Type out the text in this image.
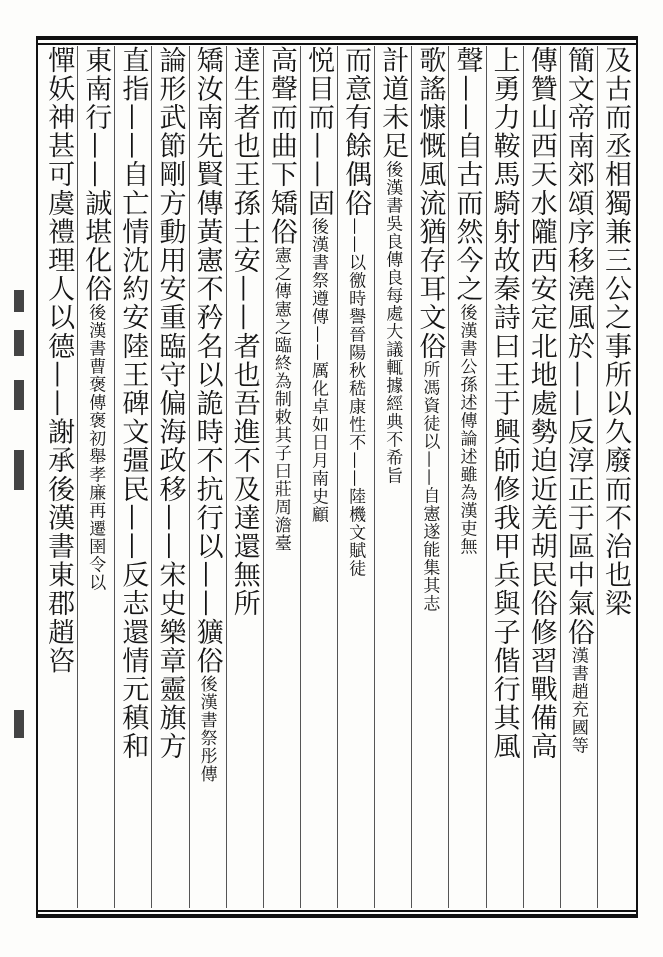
及古而丞相獨兼三公之事所以久廢而不治也梁
簡文帝南郊頌序移澆風於——反淳正于區中氣俗漢書趙充國等
傳贊山西天水隴西安定北地處勢迫近羌胡民俗修習戰備高
上勇力鞍馬騎射故秦詩曰王于興師修我甲兵與子偕行其風
聲——自古而然今之後漢書公孫述傳論述雖為漢吏無
歌謠慷慨風流猶存耳文俗所馮資徒以——自憲遂能集其志
計道未足後漢書吳良傳良每處大議輒據經典不希旨
而意有餘偶俗——以徼時譽晉陽秋嵇康性不——陸機文賦徒
悦目而——固後漢書祭遵傳——厲化卓如日月南史顧
高聲而曲下矯俗憲之傳憲之臨終為制敕其子曰莊周澹臺
達生者也王孫士安——者也吾進不及達還無所
矯汝南先賢傳黃憲不矜名以詭時不抗行以——獷俗後漢書祭彤傳
論形武節剛方動用安重臨守偏海政移——宋史樂章靈旗方
直指——自亡情沈約安陸王碑文彊民——反志還情元稹和
東南行——誠堪化俗後漢書曹褒傳褒初舉孝廉再遷圉令以
憚妖神甚可虞禮理人以德——謝承後漢書東郡趙咨
